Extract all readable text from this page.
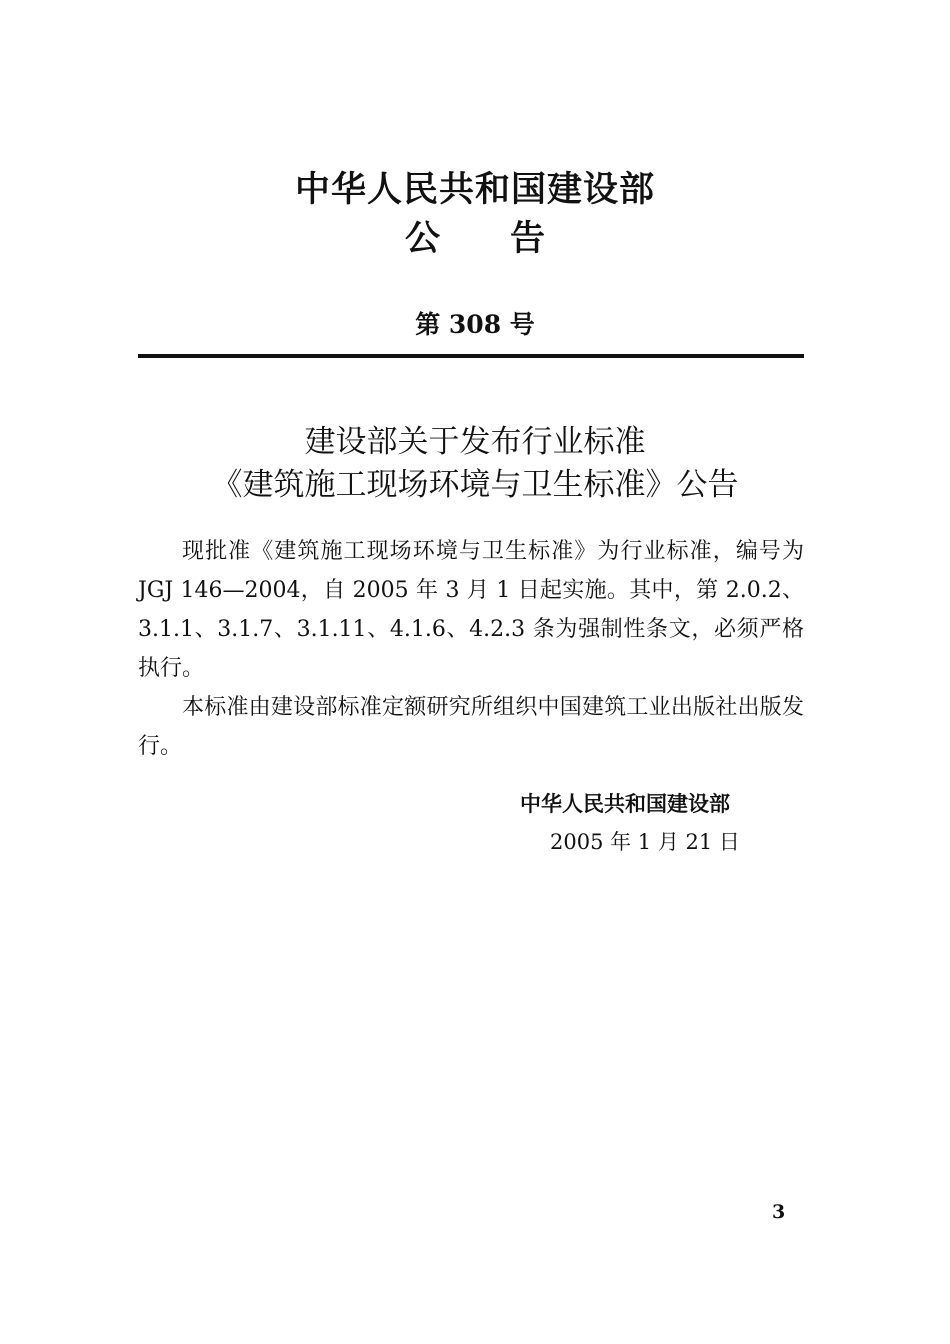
中华人民共和国建设部
公 告
第 308 号
建设部关于发布行业标准
《建筑施工现场环境与卫生标准》公告

现批准《建筑施工现场环境与卫生标准》为行业标准，编号为 JGJ 146—2004，自 2005 年 3 月 1 日起实施。其中，第 2.0.2、3.1.1、3.1.7、3.1.11、4.1.6、4.2.3 条为强制性条文，必须严格执行。

本标准由建设部标准定额研究所组织中国建筑工业出版社出版发行。

中华人民共和国建设部
2005 年 1 月 21 日
3
